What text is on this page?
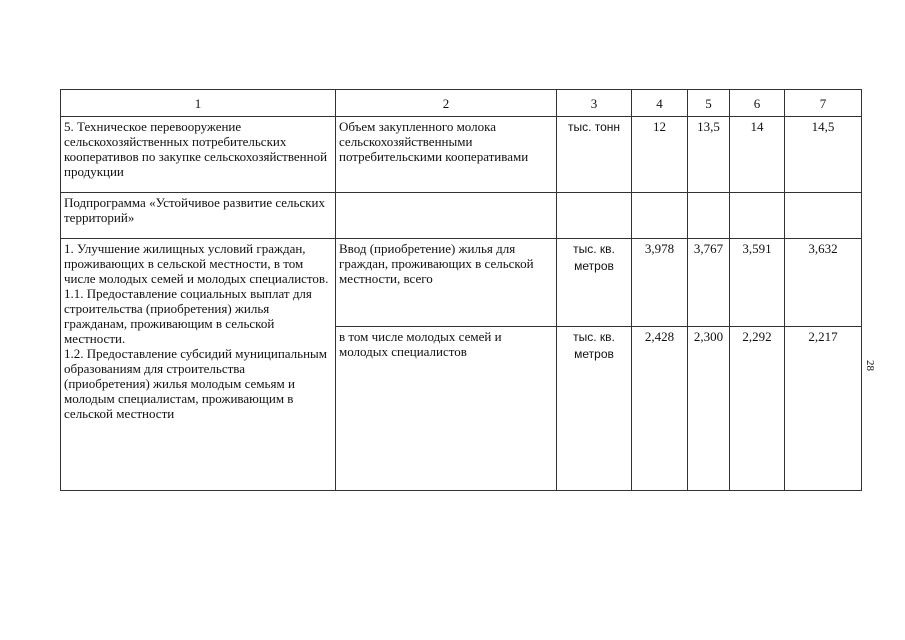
1	2	3	4	5	6	7
5. Техническое перевооружение сельскохозяйственных потребительских кооперативов по закупке сельскохозяйственной продукции	Объем закупленного молока сельскохозяйственными потребительскими кооперативами	тыс. тонн	12	13,5	14	14,5
Подпрограмма «Устойчивое развитие сельских территорий»						

1. Улучшение жилищных условий граждан, проживающих в сельской местности, в том числе молодых семей и молодых специалистов.
1.1. Предоставление социальных выплат для строительства (приобретения) жилья гражданам, проживающим в сельской местности.
1.2. Предоставление субсидий муниципальным образованиям для строительства (приобретения) жилья молодым семьям и молодым специалистам, проживающим в сельской местности	Ввод (приобретение) жилья для граждан, проживающих в сельской местности, всего	тыс. кв. метров	3,978	3,767	3,591	3,632
	в том числе молодых семей и молодых специалистов	тыс. кв. метров	2,428	2,300	2,292	2,217
28
